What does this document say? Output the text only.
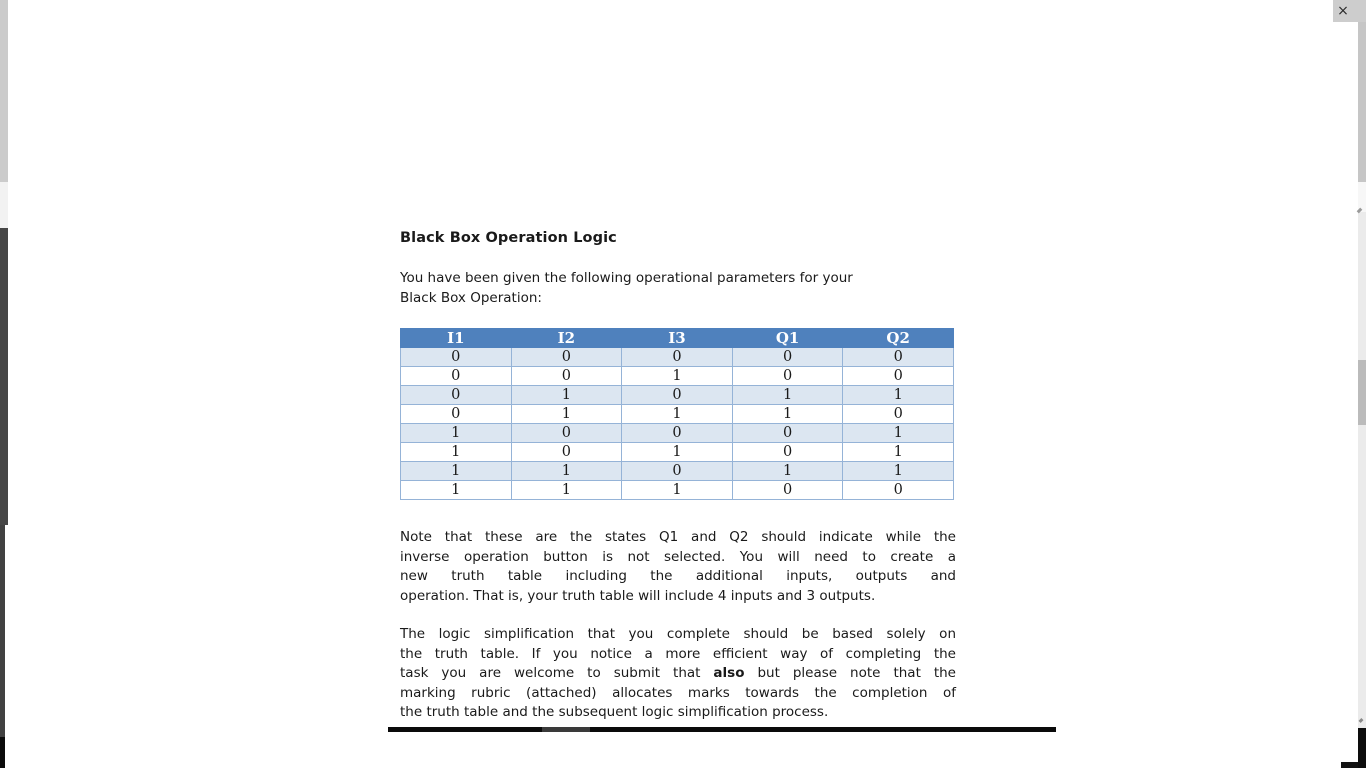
×
Black Box Operation Logic
You have been given the following operational parameters for your
Black Box Operation:
I1	I2	I3	Q1	Q2
0	0	0	0	0
0	0	1	0	0
0	1	0	1	1
0	1	1	1	0
1	0	0	0	1
1	0	1	0	1
1	1	0	1	1
1	1	1	0	0
Note that these are the states Q1 and Q2 should indicate while the
inverse operation button is not selected. You will need to create a
new truth table including the additional inputs, outputs and
operation. That is, your truth table will include 4 inputs and 3 outputs.
The logic simplification that you complete should be based solely on
the truth table. If you notice a more efficient way of completing the
task you are welcome to submit that also but please note that the
marking rubric (attached) allocates marks towards the completion of
the truth table and the subsequent logic simplification process.
